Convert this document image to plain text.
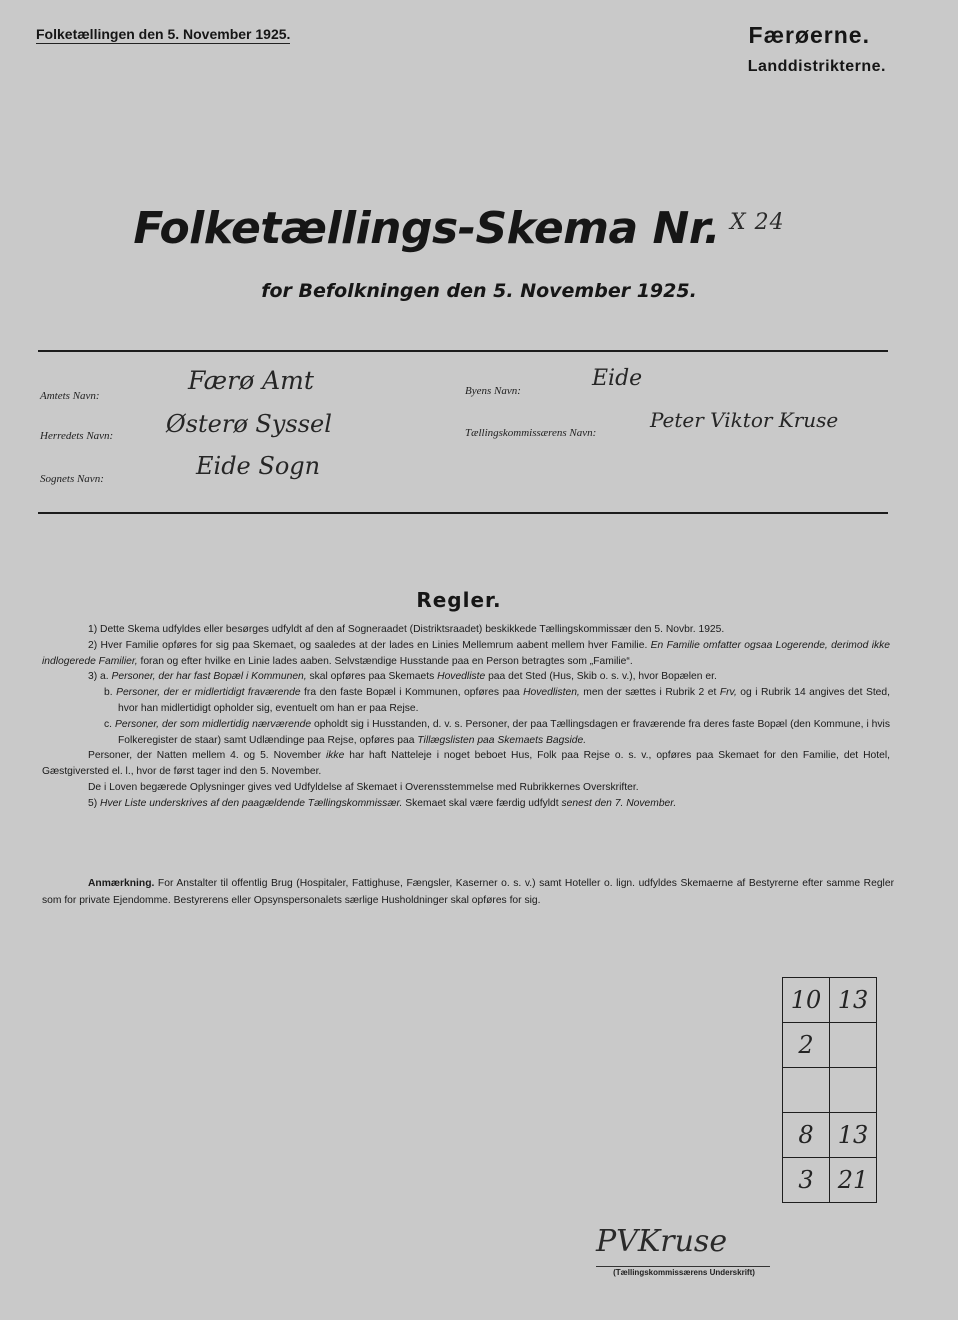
Folketællingen den 5. November 1925.	Færøerne.
Landdistrikterne.
Folketællings-Skema Nr. $^{X 24}$
for Befolkningen den 5. November 1925.
Amtets Navn:
Færø Amt
Herredets Navn: Østerø Syssel
Sognets Navn:	Eide Sogn
Byens Navn:	Eide
Tællingskommissærens Navn:
Peter Viktor Kruse
Regler.

1) Dette Skema udfyldes eller besørges udfyldt af den af Sogneraadet (Distriktsraadet) beskikkede Tællingskommissær den 5. Novbr. 1925.

2) Hver Familie opføres for sig paa Skemaet, og saaledes at der lades en Linies Mellemrum aabent mellem hver Familie. En Familie omfatter ogsaa Logerende, derimod ikke indlogerede Familier, foran og efter hvilke en Linie lades aaben. Selvstændige Husstande paa en Person betragtes som „Familie“.

3) a. Personer, der har fast Bopæl i Kommunen, skal opføres paa Skemaets Hovedliste paa det Sted (Hus, Skib o. s. v.), hvor Bopælen er.

b. Personer, der er midlertidigt fraværende fra den faste Bopæl i Kommunen, opføres paa Hovedlisten, men der sættes i Rubrik 2 et Frv, og i Rubrik 14 angives det Sted, hvor han midlertidigt opholder sig, eventuelt om han er paa Rejse.

c. Personer, der som midlertidig nærværende opholdt sig i Husstanden, d. v. s. Personer, der paa Tællingsdagen er fraværende fra deres faste Bopæl (den Kommune, i hvis Folkeregister de staar) samt Udlændinge paa Rejse, opføres paa Tillægslisten paa Skemaets Bagside.

Personer, der Natten mellem 4. og 5. November ikke har haft Natteleje i noget beboet Hus, Folk paa Rejse o. s. v., opføres paa Skemaet for den Familie, det Hotel, Gæstgiversted el. l., hvor de først tager ind den 5. November.

De i Loven begærede Oplysninger gives ved Udfyldelse af Skemaet i Overensstemmelse med Rubrikkernes Overskrifter.

5) Hver Liste underskrives af den paagældende Tællingskommissær. Skemaet skal være færdig udfyldt senest den 7. November.

Anmærkning. For Anstalter til offentlig Brug (Hospitaler, Fattighuse, Fængsler, Kaserner o. s. v.) samt Hoteller o. lign. udfyldes Skemaerne af Bestyrerne efter samme Regler som for private Ejendomme. Bestyrerens eller Opsynspersonalets særlige Husholdninger skal opføres for sig.
10	13
2	

8	13
3	21
PVKruse
(Tællingskommissærens Underskrift)
